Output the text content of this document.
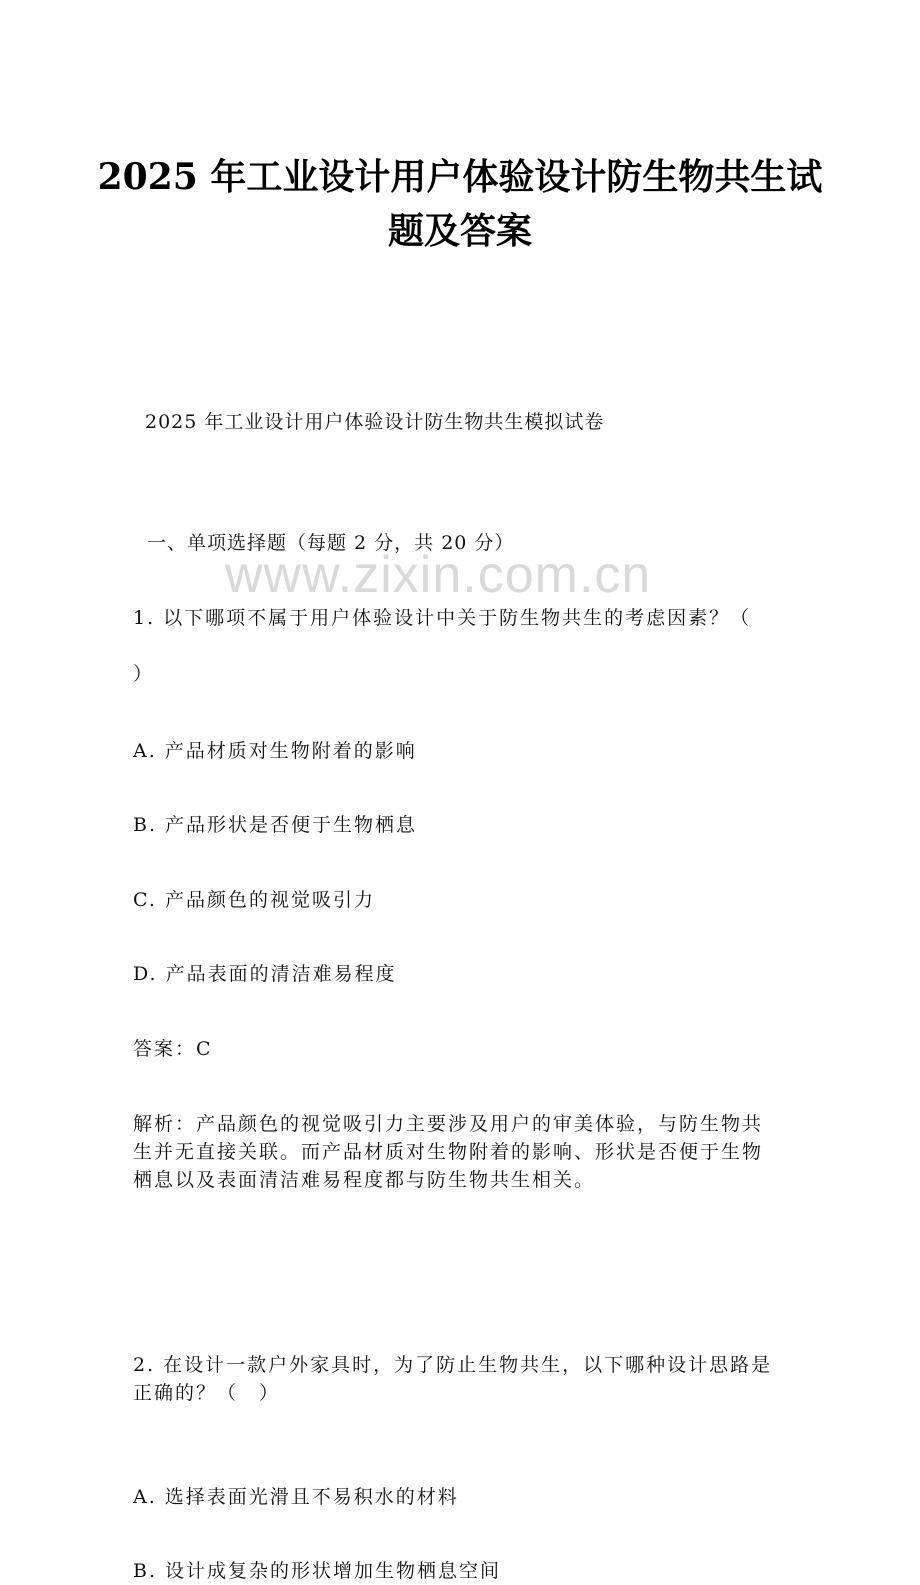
www.zixin.com.cn
2025 年工业设计用户体验设计防生物共生试
题及答案
2025 年工业设计用户体验设计防生物共生模拟试卷
一、单项选择题（每题 2 分，共 20 分）
1. 以下哪项不属于用户体验设计中关于防生物共生的考虑因素？（
）
A. 产品材质对生物附着的影响
B. 产品形状是否便于生物栖息
C. 产品颜色的视觉吸引力
D. 产品表面的清洁难易程度
答案：C
解析：产品颜色的视觉吸引力主要涉及用户的审美体验，与防生物共生并无直接关联。而产品材质对生物附着的影响、形状是否便于生物栖息以及表面清洁难易程度都与防生物共生相关。
2. 在设计一款户外家具时，为了防止生物共生，以下哪种设计思路是正确的？（　）
A. 选择表面光滑且不易积水的材料
B. 设计成复杂的形状增加生物栖息空间
